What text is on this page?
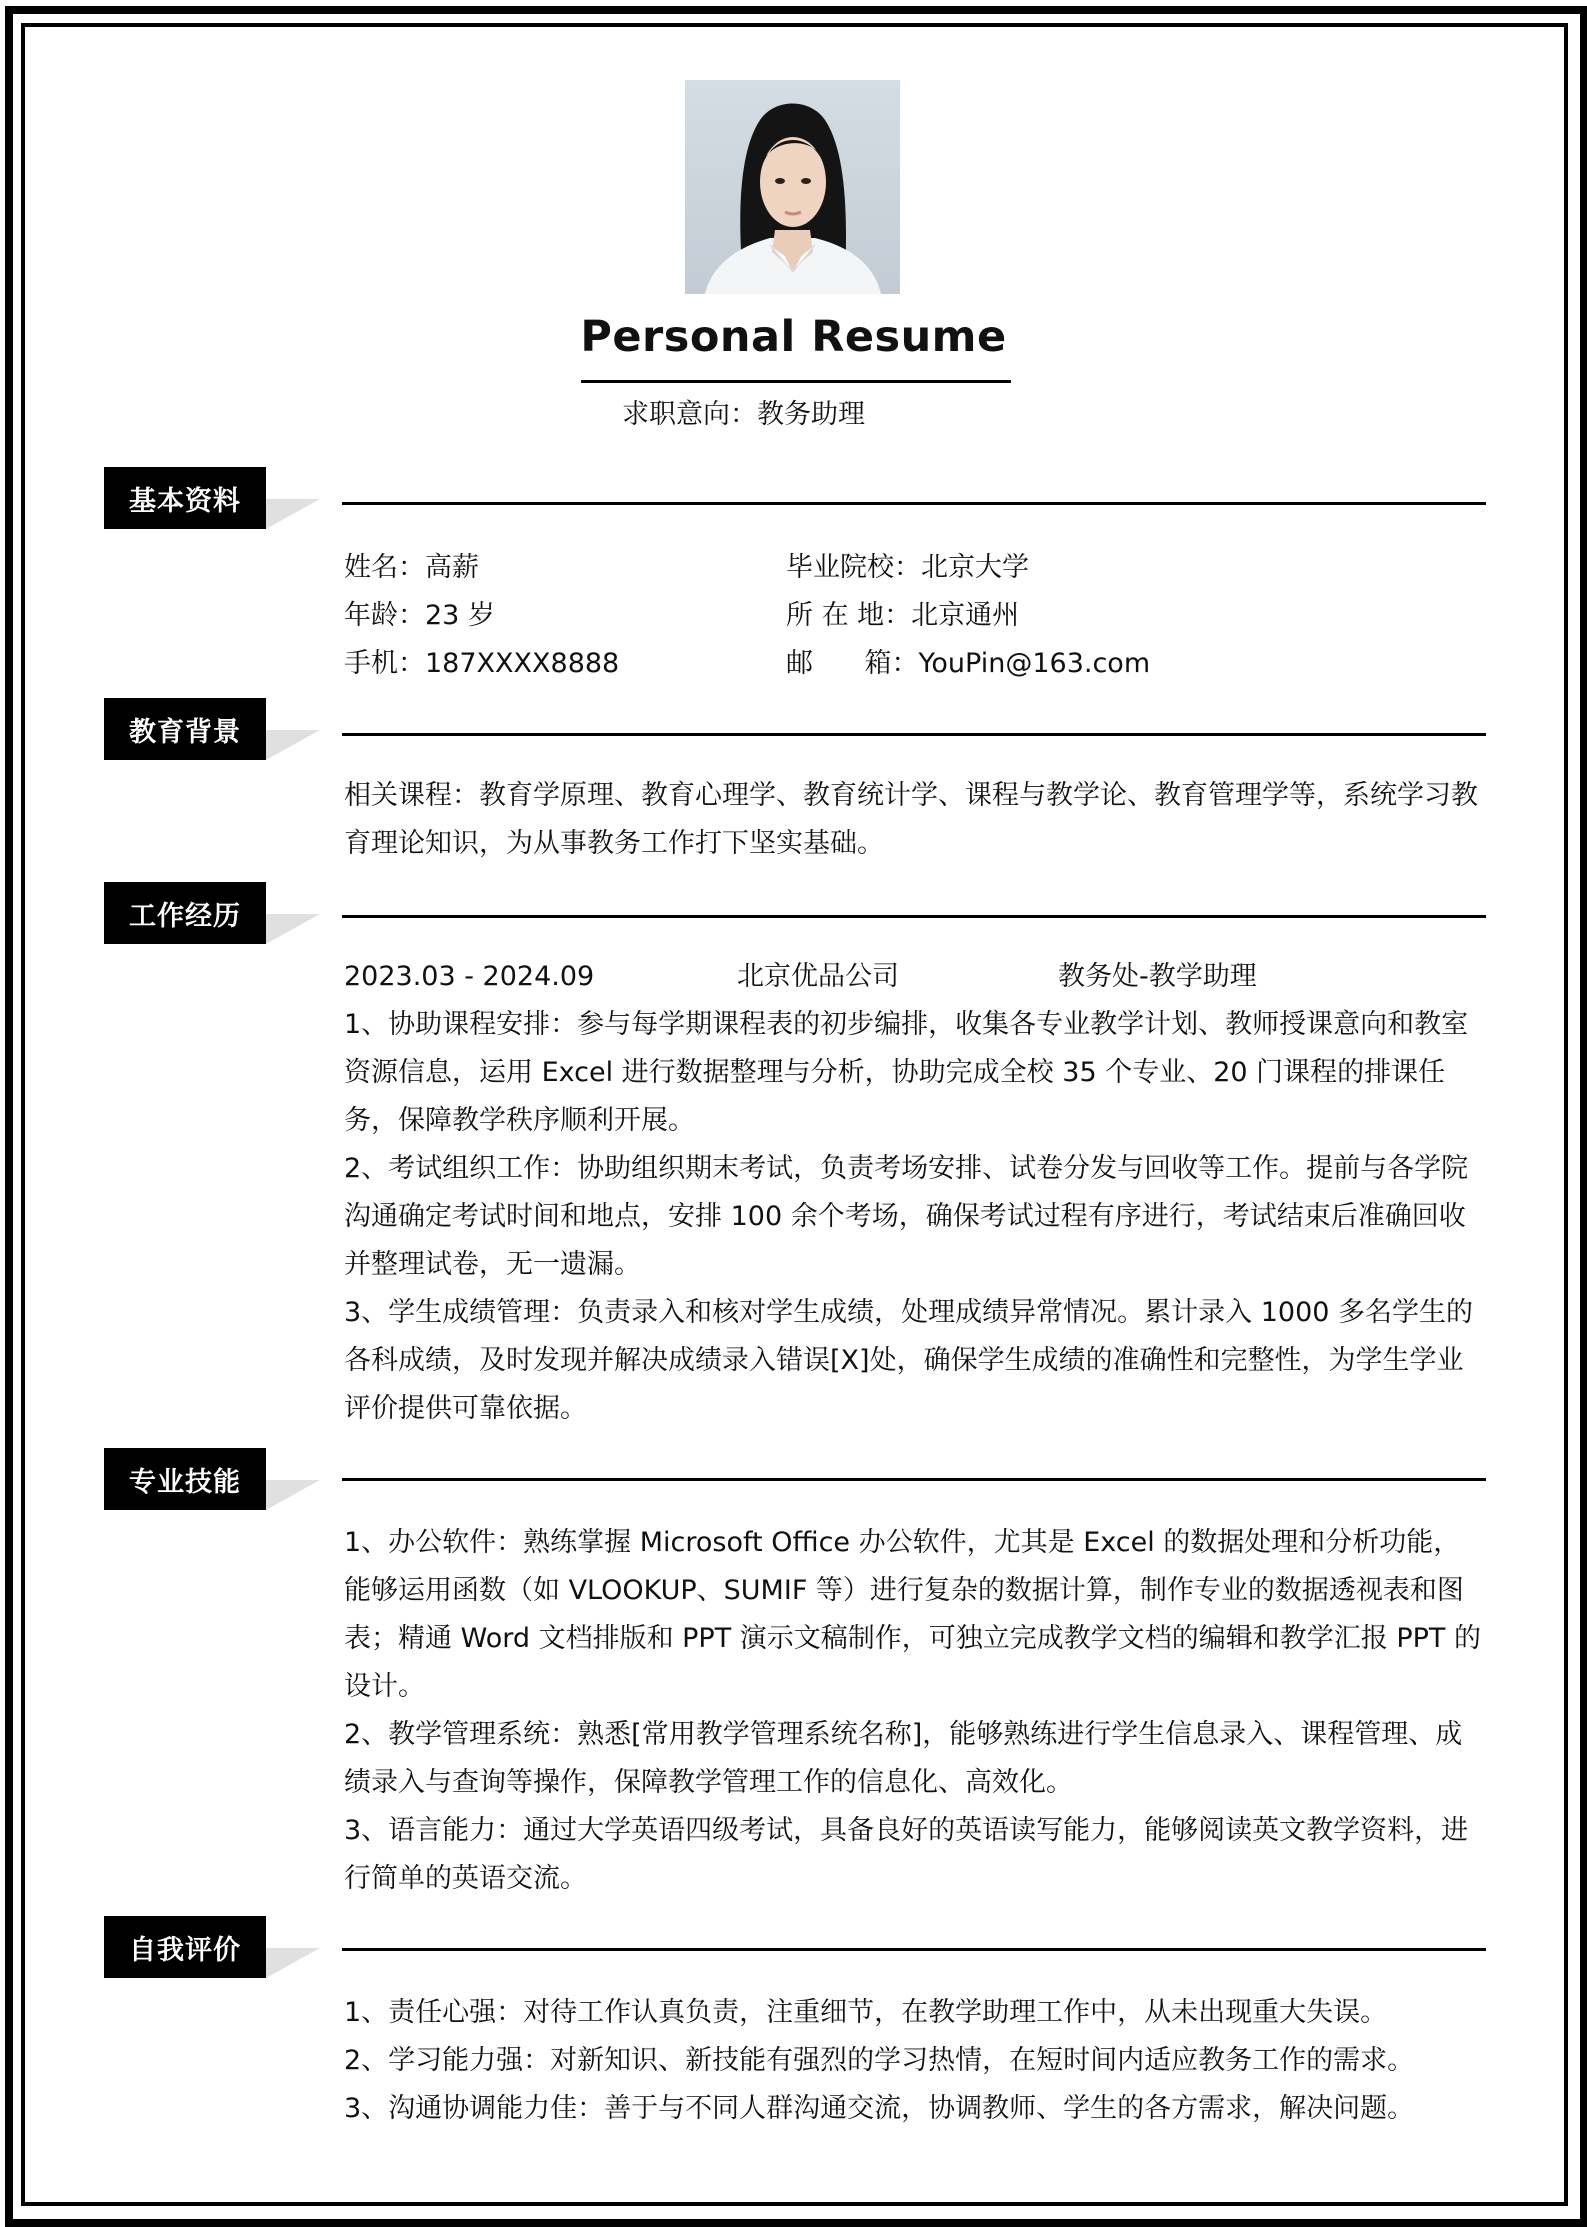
Personal Resume
求职意向：教务助理
基本资料
姓名：高薪
年龄：23 岁
手机：187XXXX8888
毕业院校：北京大学
所 在 地：北京通州
邮      箱：YouPin@163.com
教育背景

相关课程：教育学原理、教育心理学、教育统计学、课程与教学论、教育管理学等，系统学习教育理论知识，为从事教务工作打下坚实基础。

工作经历
2023.03 - 2024.09	北京优品公司	教务处-教学助理

1、协助课程安排：参与每学期课程表的初步编排，收集各专业教学计划、教师授课意向和教室资源信息，运用 Excel 进行数据整理与分析，协助完成全校 35 个专业、20 门课程的排课任务，保障教学秩序顺利开展。

2、考试组织工作：协助组织期末考试，负责考场安排、试卷分发与回收等工作。提前与各学院沟通确定考试时间和地点，安排 100 余个考场，确保考试过程有序进行，考试结束后准确回收并整理试卷，无一遗漏。

3、学生成绩管理：负责录入和核对学生成绩，处理成绩异常情况。累计录入 1000 多名学生的各科成绩，及时发现并解决成绩录入错误[X]处，确保学生成绩的准确性和完整性，为学生学业评价提供可靠依据。

专业技能

1、办公软件：熟练掌握 Microsoft Office 办公软件，尤其是 Excel 的数据处理和分析功能，能够运用函数（如 VLOOKUP、SUMIF 等）进行复杂的数据计算，制作专业的数据透视表和图表；精通 Word 文档排版和 PPT 演示文稿制作，可独立完成教学文档的编辑和教学汇报 PPT 的设计。

2、教学管理系统：熟悉[常用教学管理系统名称]，能够熟练进行学生信息录入、课程管理、成绩录入与查询等操作，保障教学管理工作的信息化、高效化。

3、语言能力：通过大学英语四级考试，具备良好的英语读写能力，能够阅读英文教学资料，进行简单的英语交流。

自我评价

1、责任心强：对待工作认真负责，注重细节，在教学助理工作中，从未出现重大失误。

2、学习能力强：对新知识、新技能有强烈的学习热情，在短时间内适应教务工作的需求。

3、沟通协调能力佳：善于与不同人群沟通交流，协调教师、学生的各方需求，解决问题。
